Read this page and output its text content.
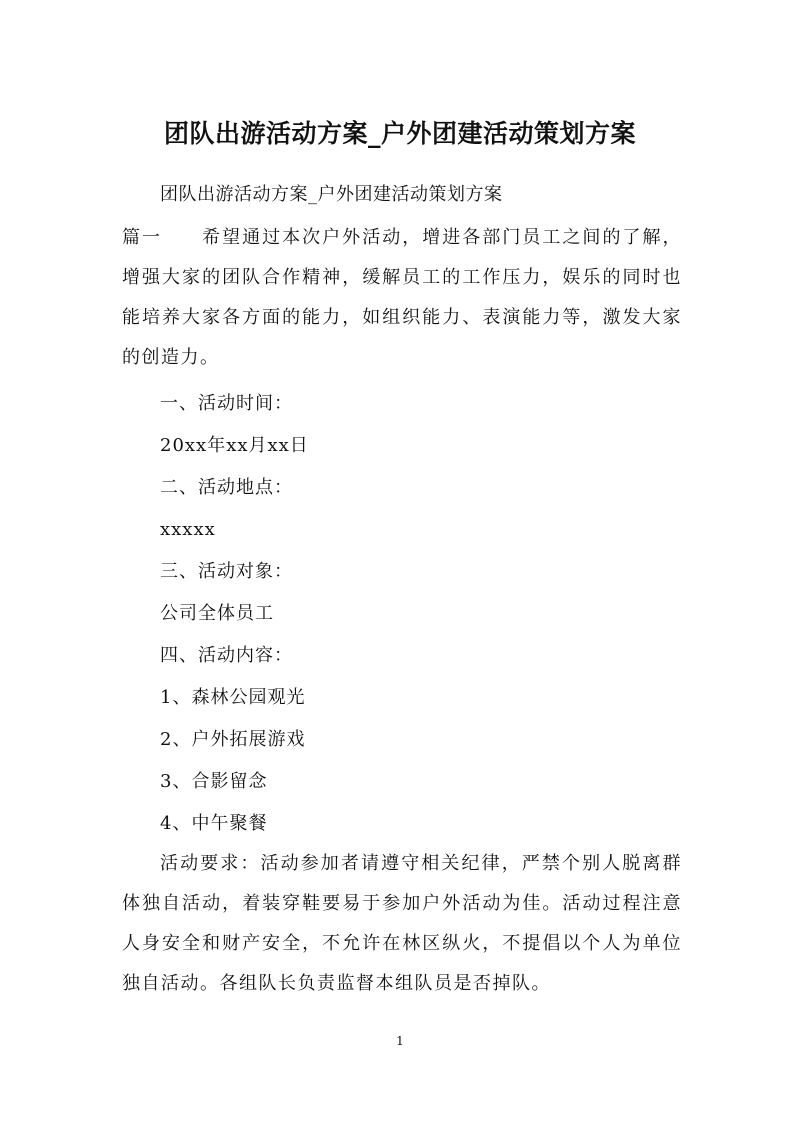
团队出游活动方案_户外团建活动策划方案
团队出游活动方案_户外团建活动策划方案
篇一 希望通过本次户外活动，增进各部门员工之间的了解，增强大家的团队合作精神，缓解员工的工作压力，娱乐的同时也能培养大家各方面的能力，如组织能力、表演能力等，激发大家的创造力。
一、活动时间：
20xx年xx月xx日
二、活动地点：
xxxxx
三、活动对象：
公司全体员工
四、活动内容：
1、森林公园观光
2、户外拓展游戏
3、合影留念
4、中午聚餐
活动要求：活动参加者请遵守相关纪律，严禁个别人脱离群体独自活动，着装穿鞋要易于参加户外活动为佳。活动过程注意人身安全和财产安全，不允许在林区纵火，不提倡以个人为单位独自活动。各组队长负责监督本组队员是否掉队。
1
